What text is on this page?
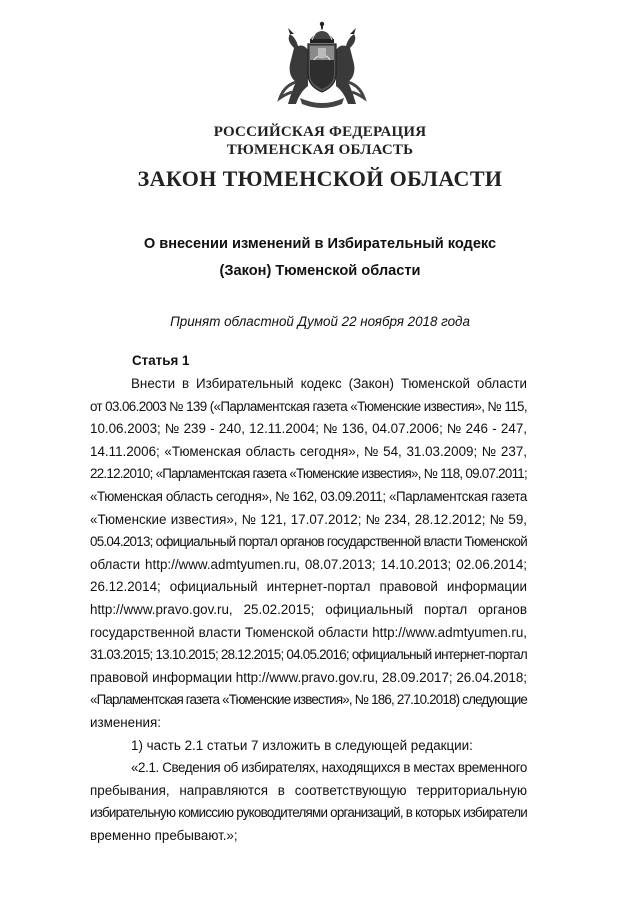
РОССИЙСКАЯ ФЕДЕРАЦИЯ
ТЮМЕНСКАЯ ОБЛАСТЬ
ЗАКОН ТЮМЕНСКОЙ ОБЛАСТИ
О внесении изменений в Избирательный кодекс
(Закон) Тюменской области
Принят областной Думой 22 ноября 2018 года
Статья 1
Внести в Избирательный кодекс (Закон) Тюменской области
от 03.06.2003 № 139 («Парламентская газета «Тюменские известия», № 115,
10.06.2003; № 239 - 240, 12.11.2004; № 136, 04.07.2006; № 246 - 247,
14.11.2006; «Тюменская область сегодня», № 54, 31.03.2009; № 237,
22.12.2010; «Парламентская газета «Тюменские известия», № 118, 09.07.2011;
«Тюменская область сегодня», № 162, 03.09.2011; «Парламентская газета
«Тюменские известия», № 121, 17.07.2012; № 234, 28.12.2012; № 59,
05.04.2013; официальный портал органов государственной власти Тюменской
области http://www.admtyumen.ru, 08.07.2013; 14.10.2013; 02.06.2014;
26.12.2014; официальный интернет-портал правовой информации
http://www.pravo.gov.ru, 25.02.2015; официальный портал органов
государственной власти Тюменской области http://www.admtyumen.ru,
31.03.2015; 13.10.2015; 28.12.2015; 04.05.2016; официальный интернет-портал
правовой информации http://www.pravo.gov.ru, 28.09.2017; 26.04.2018;
«Парламентская газета «Тюменские известия», № 186, 27.10.2018) следующие
изменения:
1) часть 2.1 статьи 7 изложить в следующей редакции:
«2.1. Сведения об избирателях, находящихся в местах временного
пребывания, направляются в соответствующую территориальную
избирательную комиссию руководителями организаций, в которых избиратели
временно пребывают.»;
